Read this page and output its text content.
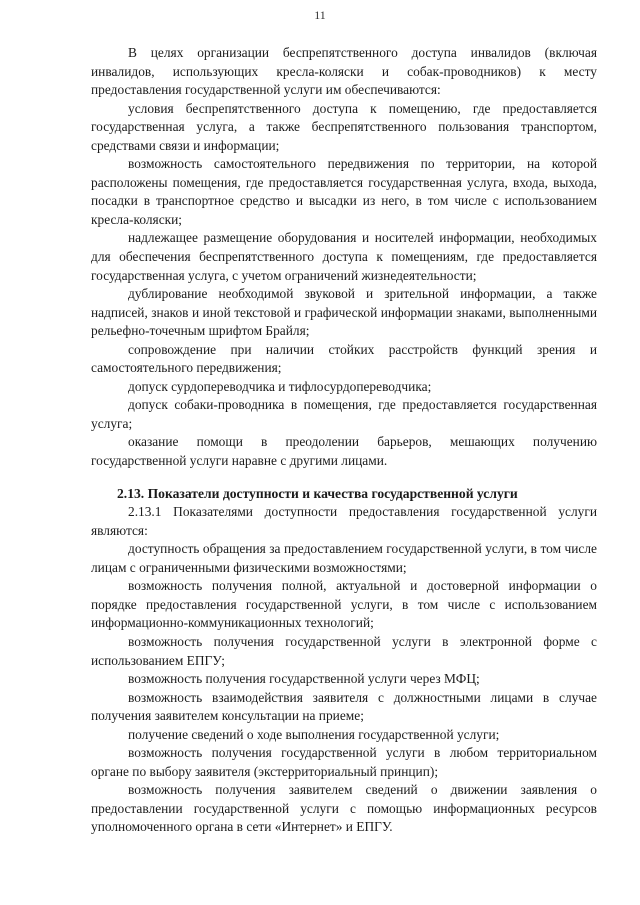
11

В целях организации беспрепятственного доступа инвалидов (включая инвалидов, использующих кресла-коляски и собак-проводников) к месту предоставления государственной услуги им обеспечиваются:

условия беспрепятственного доступа к помещению, где предоставляется государственная услуга, а также беспрепятственного пользования транспортом, средствами связи и информации;

возможность самостоятельного передвижения по территории, на которой расположены помещения, где предоставляется государственная услуга, входа, выхода, посадки в транспортное средство и высадки из него, в том числе с использованием кресла-коляски;

надлежащее размещение оборудования и носителей информации, необходимых для обеспечения беспрепятственного доступа к помещениям, где предоставляется государственная услуга, с учетом ограничений жизнедеятельности;

дублирование необходимой звуковой и зрительной информации, а также надписей, знаков и иной текстовой и графической информации знаками, выполненными рельефно-точечным шрифтом Брайля;

сопровождение при наличии стойких расстройств функций зрения и самостоятельного передвижения;

допуск сурдопереводчика и тифлосурдопереводчика;

допуск собаки-проводника в помещения, где предоставляется государственная услуга;

оказание помощи в преодолении барьеров, мешающих получению государственной услуги наравне с другими лицами.

2.13. Показатели доступности и качества государственной услуги

2.13.1 Показателями доступности предоставления государственной услуги являются:

доступность обращения за предоставлением государственной услуги, в том числе лицам с ограниченными физическими возможностями;

возможность получения полной, актуальной и достоверной информации о порядке предоставления государственной услуги, в том числе с использованием информационно-коммуникационных технологий;

возможность получения государственной услуги в электронной форме с использованием ЕПГУ;

возможность получения государственной услуги через МФЦ;

возможность взаимодействия заявителя с должностными лицами в случае получения заявителем консультации на приеме;

получение сведений о ходе выполнения государственной услуги;

возможность получения государственной услуги в любом территориальном органе по выбору заявителя (экстерриториальный принцип);

возможность получения заявителем сведений о движении заявления о предоставлении государственной услуги с помощью информационных ресурсов уполномоченного органа в сети «Интернет» и ЕПГУ.
